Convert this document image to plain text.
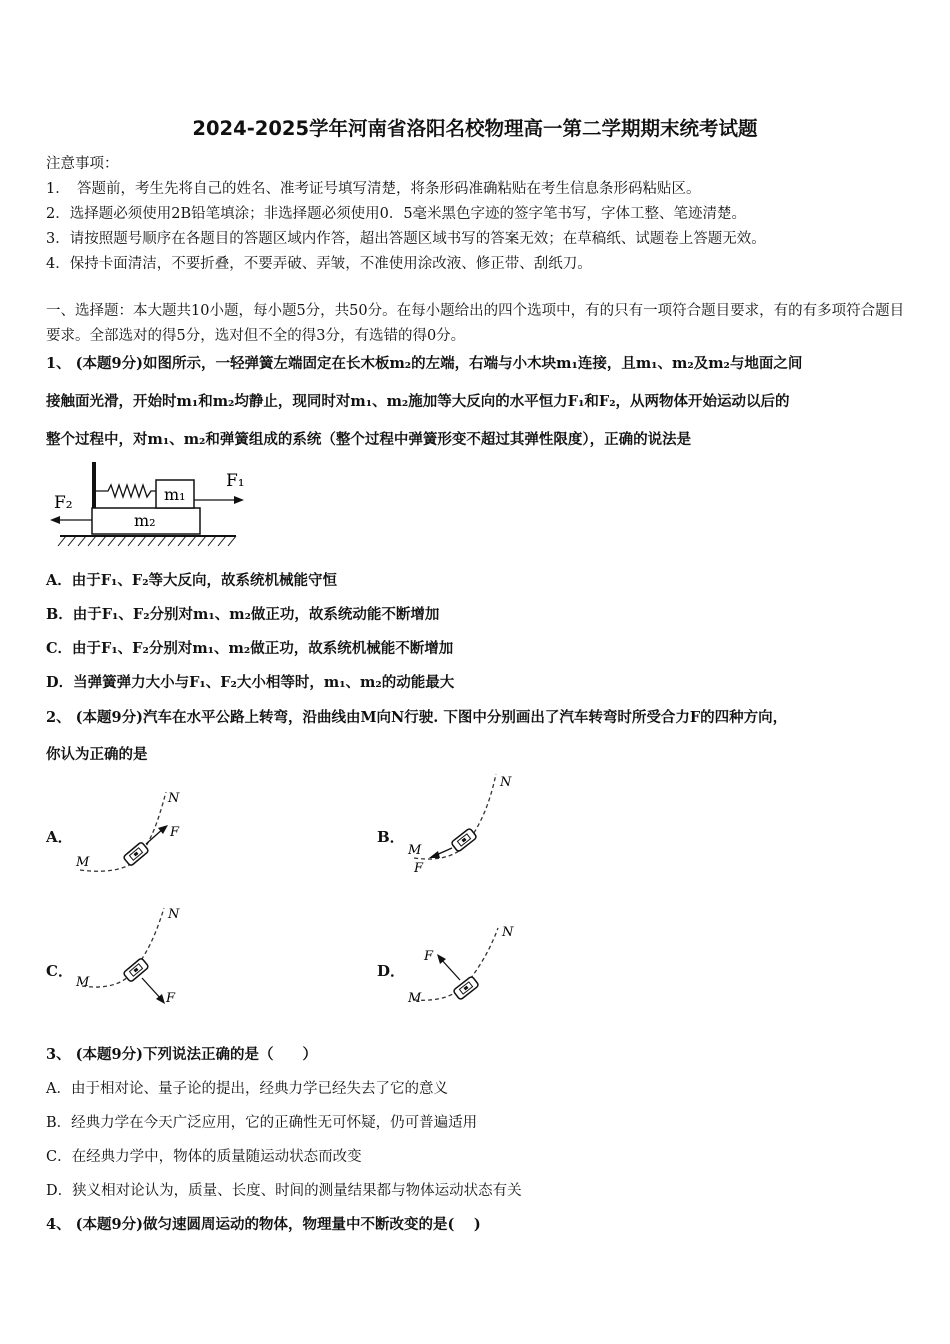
2024-2025学年河南省洛阳名校物理高一第二学期期末统考试题
注意事项：
1．　答题前，考生先将自己的姓名、准考证号填写清楚，将条形码准确粘贴在考生信息条形码粘贴区。
2．选择题必须使用2B铅笔填涂；非选择题必须使用0．5毫米黑色字迹的签字笔书写，字体工整、笔迹清楚。
3．请按照题号顺序在各题目的答题区域内作答，超出答题区域书写的答案无效；在草稿纸、试题卷上答题无效。
4．保持卡面清洁，不要折叠，不要弄破、弄皱，不准使用涂改液、修正带、刮纸刀。
一、选择题：本大题共10小题，每小题5分，共50分。在每小题给出的四个选项中，有的只有一项符合题目要求，有的有多项符合题目要求。全部选对的得5分，选对但不全的得3分，有选错的得0分。
1、 (本题9分)如图所示，一轻弹簧左端固定在长木板m₂的左端，右端与小木块m₁连接，且m₁、m₂及m₂与地面之间
接触面光滑，开始时m₁和m₂均静止，现同时对m₁、m₂施加等大反向的水平恒力F₁和F₂，从两物体开始运动以后的
整个过程中，对m₁、m₂和弹簧组成的系统（整个过程中弹簧形变不超过其弹性限度），正确的说法是
m₁
m₂
F₁
F₂
A．由于F₁、F₂等大反向，故系统机械能守恒
B．由于F₁、F₂分别对m₁、m₂做正功，故系统动能不断增加
C．由于F₁、F₂分别对m₁、m₂做正功，故系统机械能不断增加
D．当弹簧弹力大小与F₁、F₂大小相等时，m₁、m₂的动能最大
2、 (本题9分)汽车在水平公路上转弯，沿曲线由M向N行驶. 下图中分别画出了汽车转弯时所受合力F的四种方向，
你认为正确的是
A．	F
M
N
B．
F
M
N
C．
F
M
N
D．
F
M
N
3、 (本题9分)下列说法正确的是（　　）
A．由于相对论、量子论的提出，经典力学已经失去了它的意义
B．经典力学在今天广泛应用，它的正确性无可怀疑，仍可普遍适用
C．在经典力学中，物体的质量随运动状态而改变
D．狭义相对论认为，质量、长度、时间的测量结果都与物体运动状态有关
4、 (本题9分)做匀速圆周运动的物体，物理量中不断改变的是(　 )
